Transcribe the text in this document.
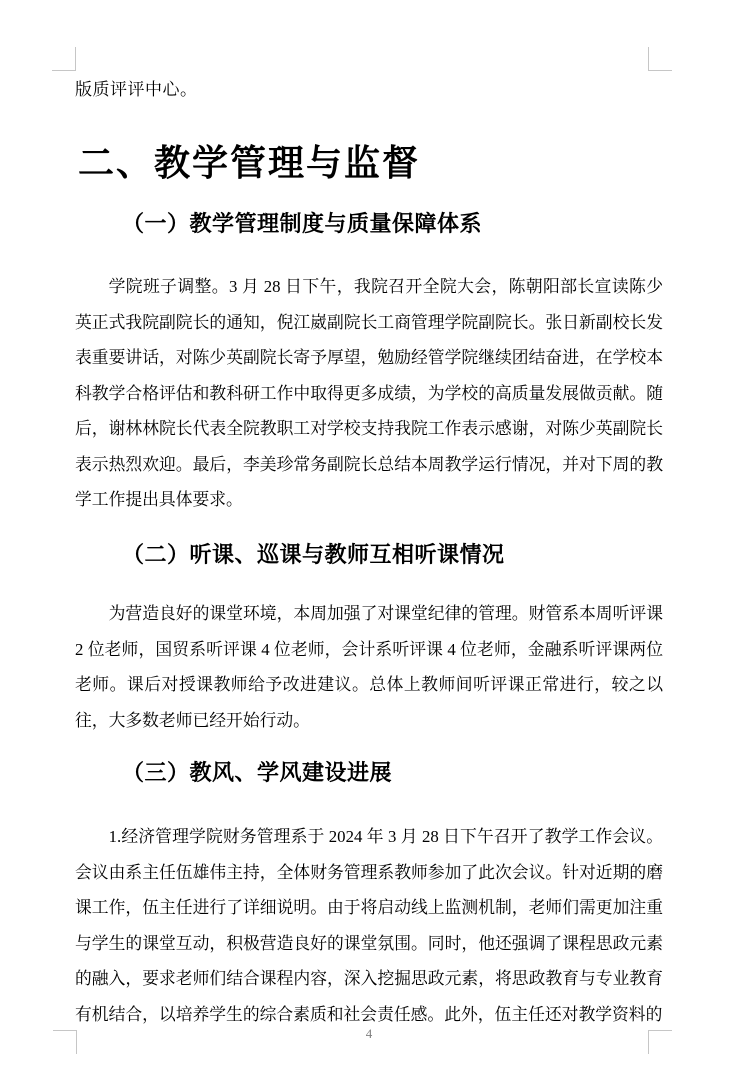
版质评评中心。
二、教学管理与监督
（一）教学管理制度与质量保障体系
学院班子调整。3 月 28 日下午，我院召开全院大会，陈朝阳部长宣读陈少英正式我院副院长的通知，倪江崴副院长工商管理学院副院长。张日新副校长发表重要讲话，对陈少英副院长寄予厚望，勉励经管学院继续团结奋进，在学校本科教学合格评估和教科研工作中取得更多成绩，为学校的高质量发展做贡献。随后，谢林林院长代表全院教职工对学校支持我院工作表示感谢，对陈少英副院长表示热烈欢迎。最后，李美珍常务副院长总结本周教学运行情况，并对下周的教学工作提出具体要求。
（二）听课、巡课与教师互相听课情况
为营造良好的课堂环境，本周加强了对课堂纪律的管理。财管系本周听评课 2 位老师，国贸系听评课 4 位老师，会计系听评课 4 位老师，金融系听评课两位老师。课后对授课教师给予改进建议。总体上教师间听评课正常进行，较之以往，大多数老师已经开始行动。
（三）教风、学风建设进展
1.经济管理学院财务管理系于 2024 年 3 月 28 日下午召开了教学工作会议。会议由系主任伍雄伟主持，全体财务管理系教师参加了此次会议。针对近期的磨课工作，伍主任进行了详细说明。由于将启动线上监测机制，老师们需更加注重与学生的课堂互动，积极营造良好的课堂氛围。同时，他还强调了课程思政元素的融入，要求老师们结合课程内容，深入挖掘思政元素，将思政教育与专业教育有机结合，以培养学生的综合素质和社会责任感。此外，伍主任还对教学资料的
4
